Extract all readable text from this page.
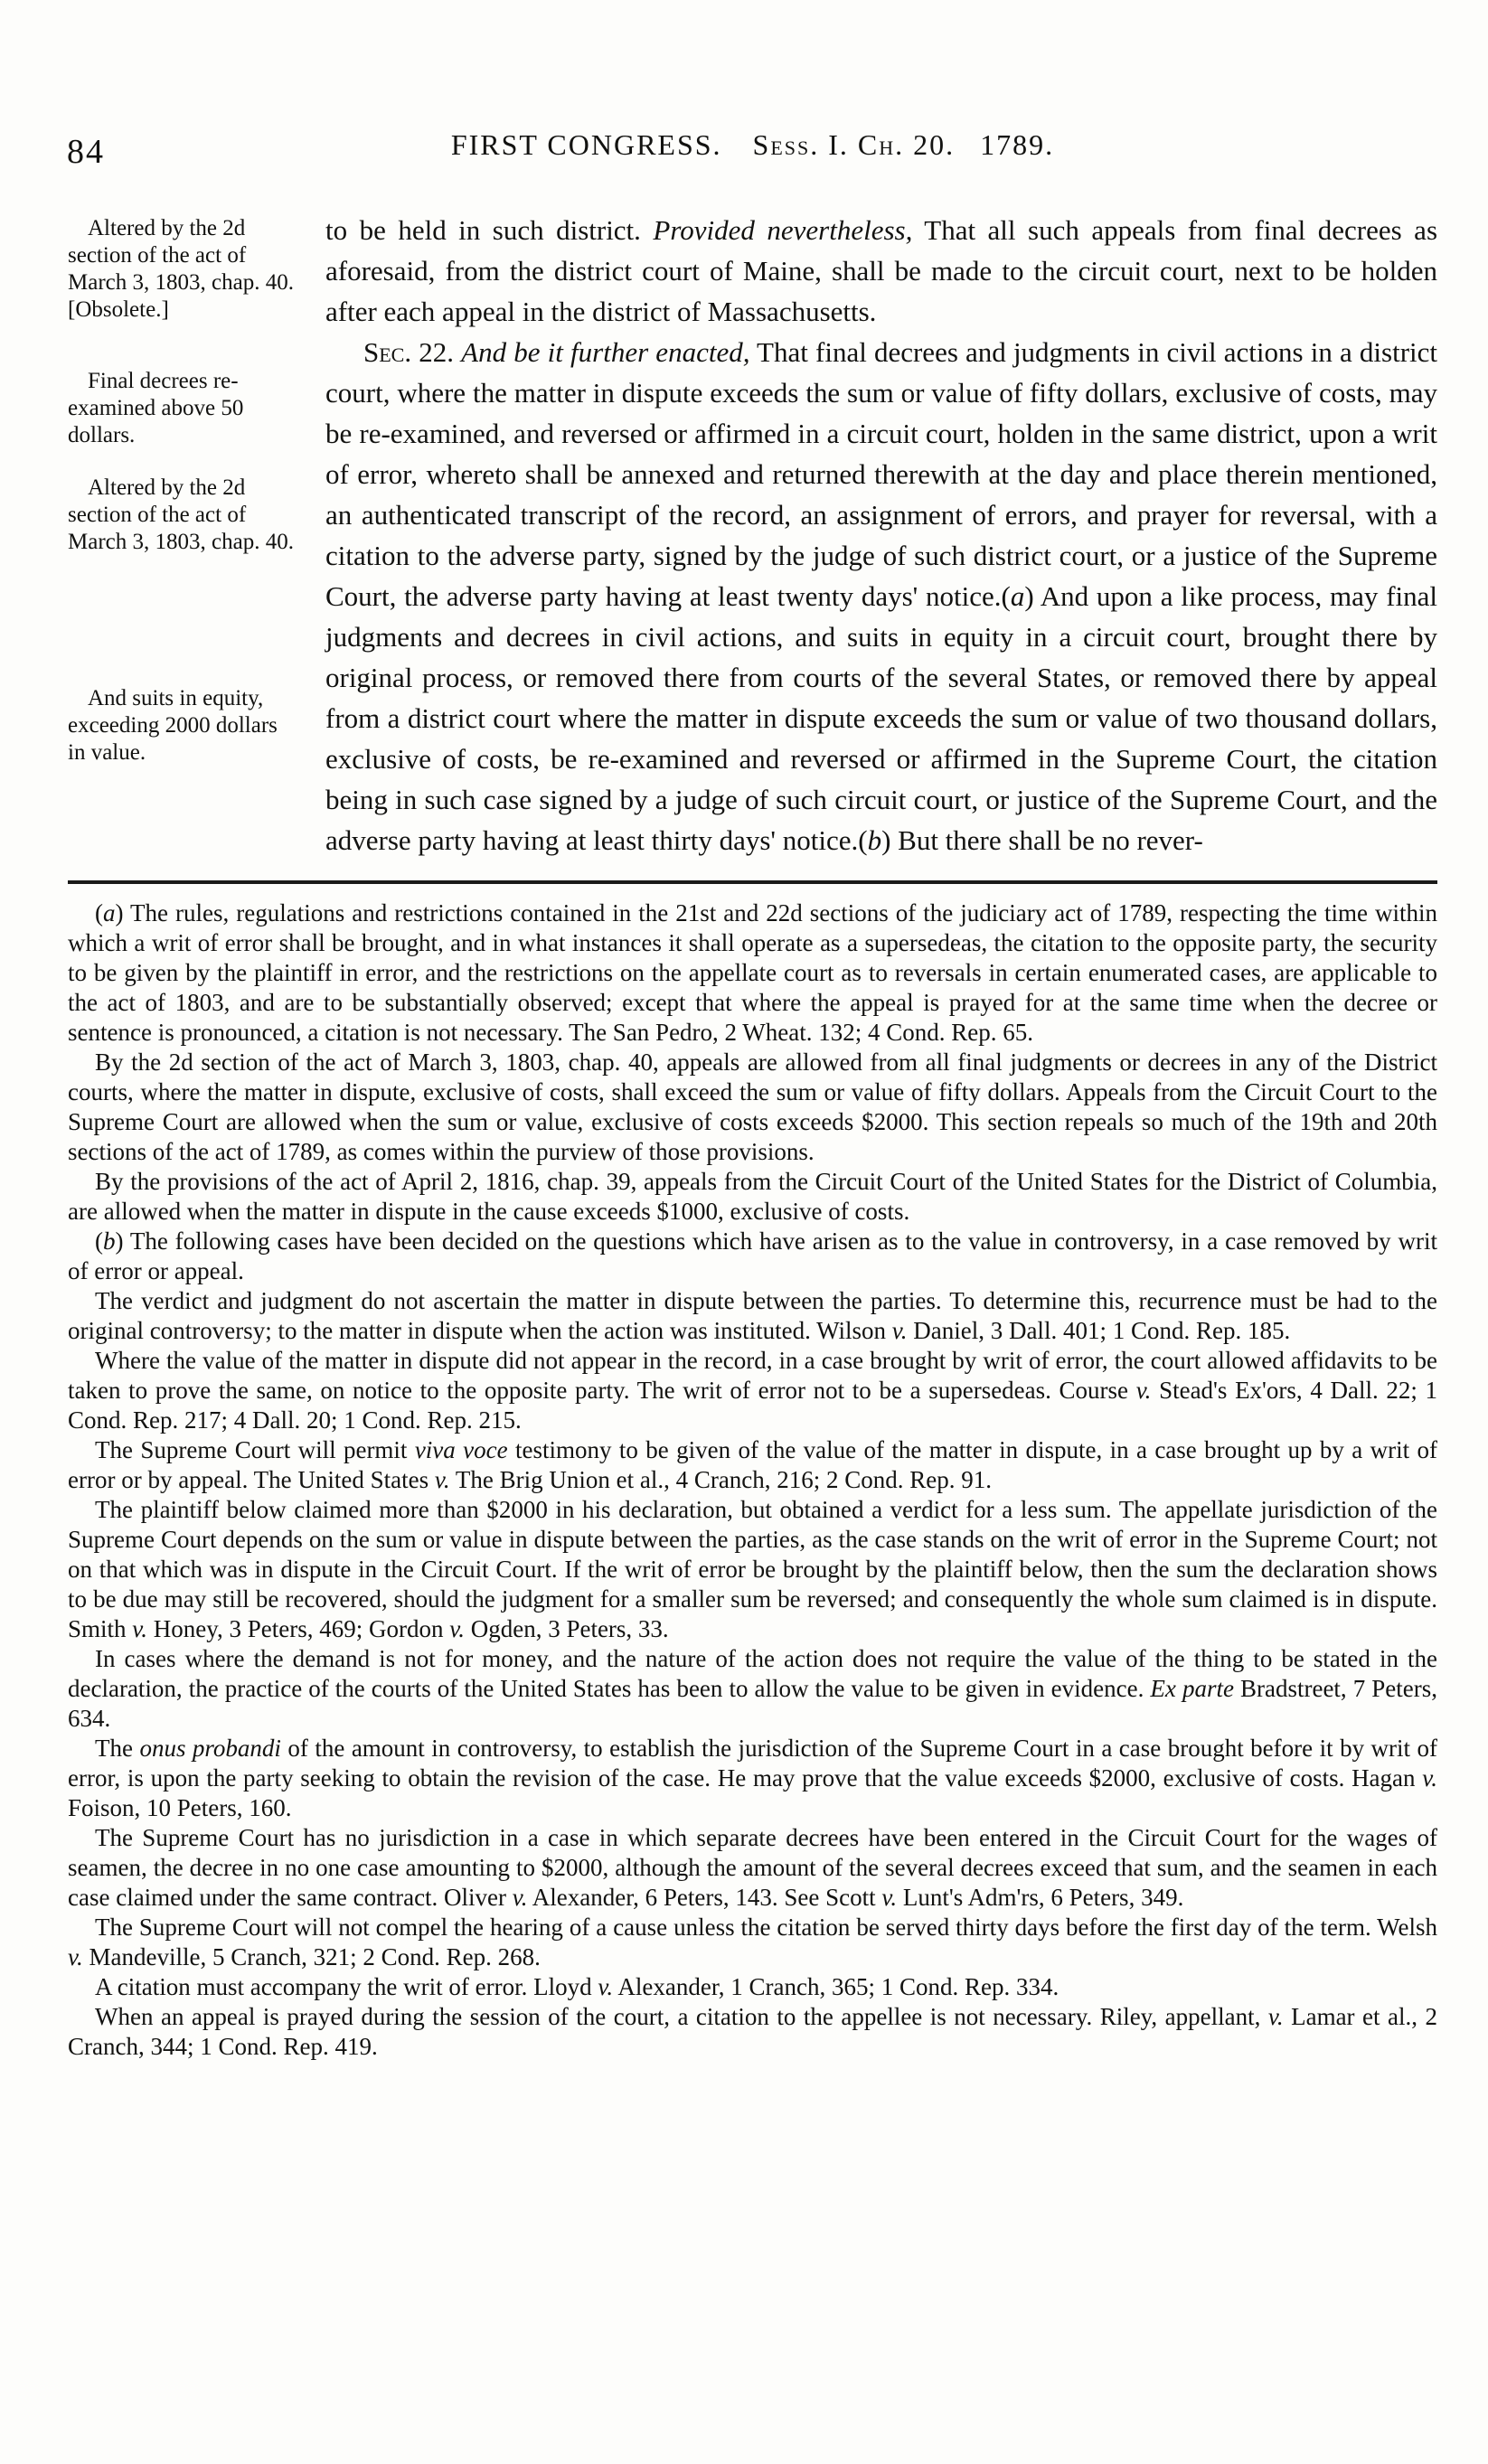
84	FIRST CONGRESS. Sess. I. Ch. 20.  1789.

Altered by the 2d section of the act of March 3, 1803, chap. 40. [Obsolete.]

Final decrees re-examined above 50 dollars.

Altered by the 2d section of the act of March 3, 1803, chap. 40.

And suits in equity, exceeding 2000 dollars in value.

to be held in such district. Provided nevertheless, That all such appeals from final decrees as aforesaid, from the district court of Maine, shall be made to the circuit court, next to be holden after each appeal in the district of Massachusetts.

Sec. 22. And be it further enacted, That final decrees and judgments in civil actions in a district court, where the matter in dispute exceeds the sum or value of fifty dollars, exclusive of costs, may be re-examined, and reversed or affirmed in a circuit court, holden in the same district, upon a writ of error, whereto shall be annexed and returned therewith at the day and place therein mentioned, an authenticated transcript of the record, an assignment of errors, and prayer for reversal, with a citation to the adverse party, signed by the judge of such district court, or a justice of the Supreme Court, the adverse party having at least twenty days' notice.(a) And upon a like process, may final judgments and decrees in civil actions, and suits in equity in a circuit court, brought there by original process, or removed there from courts of the several States, or removed there by appeal from a district court where the matter in dispute exceeds the sum or value of two thousand dollars, exclusive of costs, be re-examined and reversed or affirmed in the Supreme Court, the citation being in such case signed by a judge of such circuit court, or justice of the Supreme Court, and the adverse party having at least thirty days' notice.(b) But there shall be no rever-

(a) The rules, regulations and restrictions contained in the 21st and 22d sections of the judiciary act of 1789, respecting the time within which a writ of error shall be brought, and in what instances it shall operate as a supersedeas, the citation to the opposite party, the security to be given by the plaintiff in error, and the restrictions on the appellate court as to reversals in certain enumerated cases, are applicable to the act of 1803, and are to be substantially observed; except that where the appeal is prayed for at the same time when the decree or sentence is pronounced, a citation is not necessary. The San Pedro, 2 Wheat. 132; 4 Cond. Rep. 65.

By the 2d section of the act of March 3, 1803, chap. 40, appeals are allowed from all final judgments or decrees in any of the District courts, where the matter in dispute, exclusive of costs, shall exceed the sum or value of fifty dollars. Appeals from the Circuit Court to the Supreme Court are allowed when the sum or value, exclusive of costs exceeds $2000. This section repeals so much of the 19th and 20th sections of the act of 1789, as comes within the purview of those provisions.

By the provisions of the act of April 2, 1816, chap. 39, appeals from the Circuit Court of the United States for the District of Columbia, are allowed when the matter in dispute in the cause exceeds $1000, exclusive of costs.

(b) The following cases have been decided on the questions which have arisen as to the value in controversy, in a case removed by writ of error or appeal.

The verdict and judgment do not ascertain the matter in dispute between the parties. To determine this, recurrence must be had to the original controversy; to the matter in dispute when the action was instituted. Wilson v. Daniel, 3 Dall. 401; 1 Cond. Rep. 185.

Where the value of the matter in dispute did not appear in the record, in a case brought by writ of error, the court allowed affidavits to be taken to prove the same, on notice to the opposite party. The writ of error not to be a supersedeas. Course v. Stead's Ex'ors, 4 Dall. 22; 1 Cond. Rep. 217; 4 Dall. 20; 1 Cond. Rep. 215.

The Supreme Court will permit viva voce testimony to be given of the value of the matter in dispute, in a case brought up by a writ of error or by appeal. The United States v. The Brig Union et al., 4 Cranch, 216; 2 Cond. Rep. 91.

The plaintiff below claimed more than $2000 in his declaration, but obtained a verdict for a less sum. The appellate jurisdiction of the Supreme Court depends on the sum or value in dispute between the parties, as the case stands on the writ of error in the Supreme Court; not on that which was in dispute in the Circuit Court. If the writ of error be brought by the plaintiff below, then the sum the declaration shows to be due may still be recovered, should the judgment for a smaller sum be reversed; and consequently the whole sum claimed is in dispute. Smith v. Honey, 3 Peters, 469; Gordon v. Ogden, 3 Peters, 33.

In cases where the demand is not for money, and the nature of the action does not require the value of the thing to be stated in the declaration, the practice of the courts of the United States has been to allow the value to be given in evidence. Ex parte Bradstreet, 7 Peters, 634.

The onus probandi of the amount in controversy, to establish the jurisdiction of the Supreme Court in a case brought before it by writ of error, is upon the party seeking to obtain the revision of the case. He may prove that the value exceeds $2000, exclusive of costs. Hagan v. Foison, 10 Peters, 160.

The Supreme Court has no jurisdiction in a case in which separate decrees have been entered in the Circuit Court for the wages of seamen, the decree in no one case amounting to $2000, although the amount of the several decrees exceed that sum, and the seamen in each case claimed under the same contract. Oliver v. Alexander, 6 Peters, 143. See Scott v. Lunt's Adm'rs, 6 Peters, 349.

The Supreme Court will not compel the hearing of a cause unless the citation be served thirty days before the first day of the term. Welsh v. Mandeville, 5 Cranch, 321; 2 Cond. Rep. 268.

A citation must accompany the writ of error. Lloyd v. Alexander, 1 Cranch, 365; 1 Cond. Rep. 334.

When an appeal is prayed during the session of the court, a citation to the appellee is not necessary. Riley, appellant, v. Lamar et al., 2 Cranch, 344; 1 Cond. Rep. 419.
